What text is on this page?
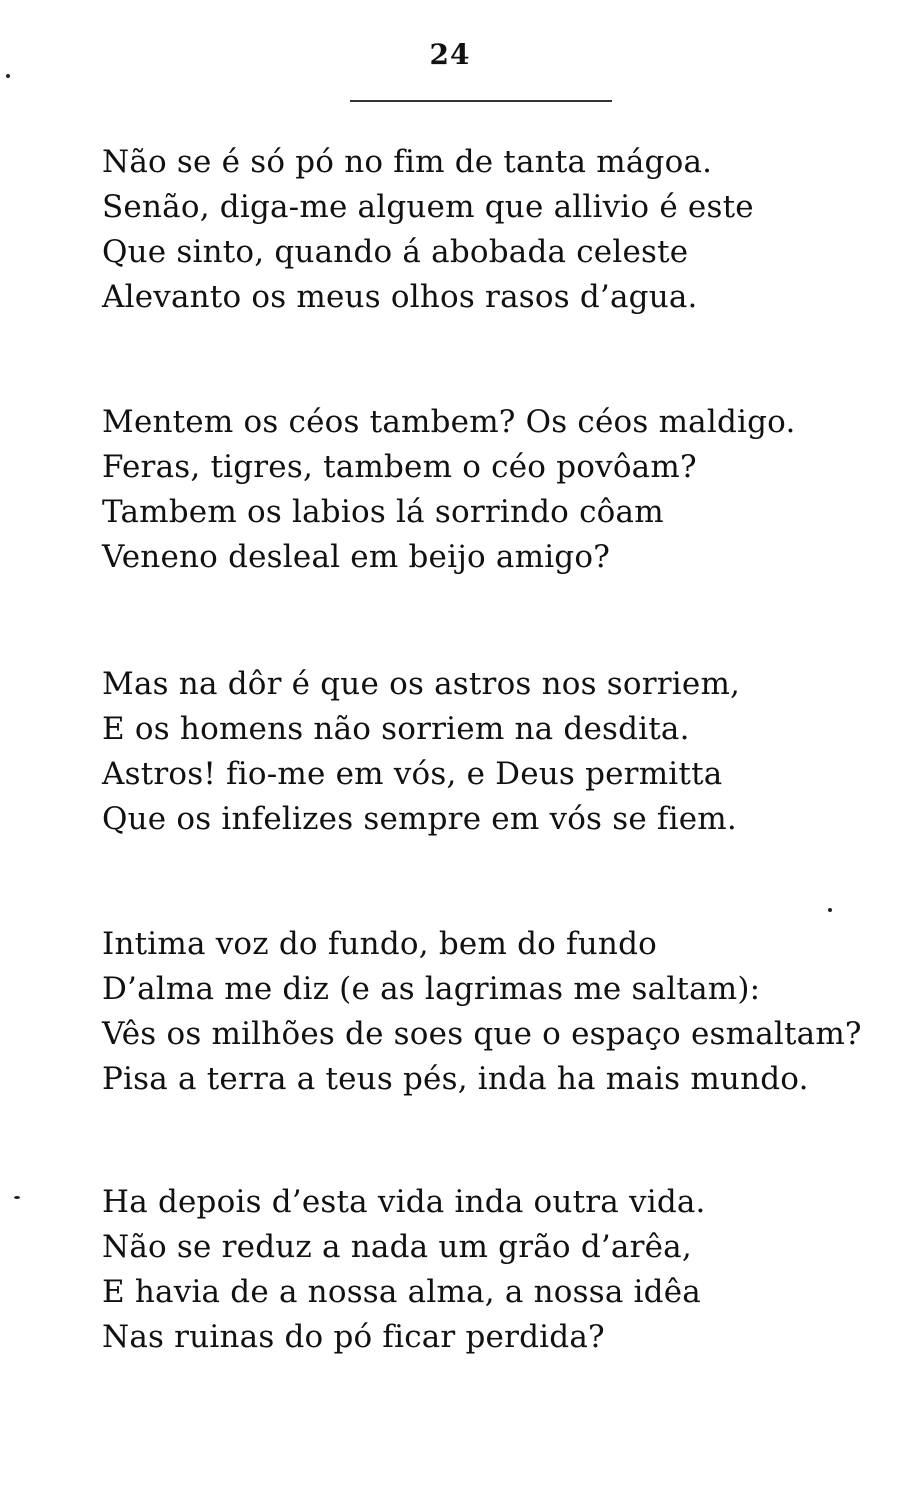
24
Não se é só pó no fim de tanta mágoa.
Senão, diga-me alguem que allivio é este
Que sinto, quando á abobada celeste
Alevanto os meus olhos rasos d’agua.
Mentem os céos tambem? Os céos maldigo.
Feras, tigres, tambem o céo povôam?
Tambem os labios lá sorrindo côam
Veneno desleal em beijo amigo?
Mas na dôr é que os astros nos sorriem,
E os homens não sorriem na desdita.
Astros! fio-me em vós, e Deus permitta
Que os infelizes sempre em vós se fiem.
Intima voz do fundo, bem do fundo
D’alma me diz (e as lagrimas me saltam):
Vês os milhões de soes que o espaço esmaltam?
Pisa a terra a teus pés, inda ha mais mundo.
Ha depois d’esta vida inda outra vida.
Não se reduz a nada um grão d’arêa,
E havia de a nossa alma, a nossa idêa
Nas ruinas do pó ficar perdida?
